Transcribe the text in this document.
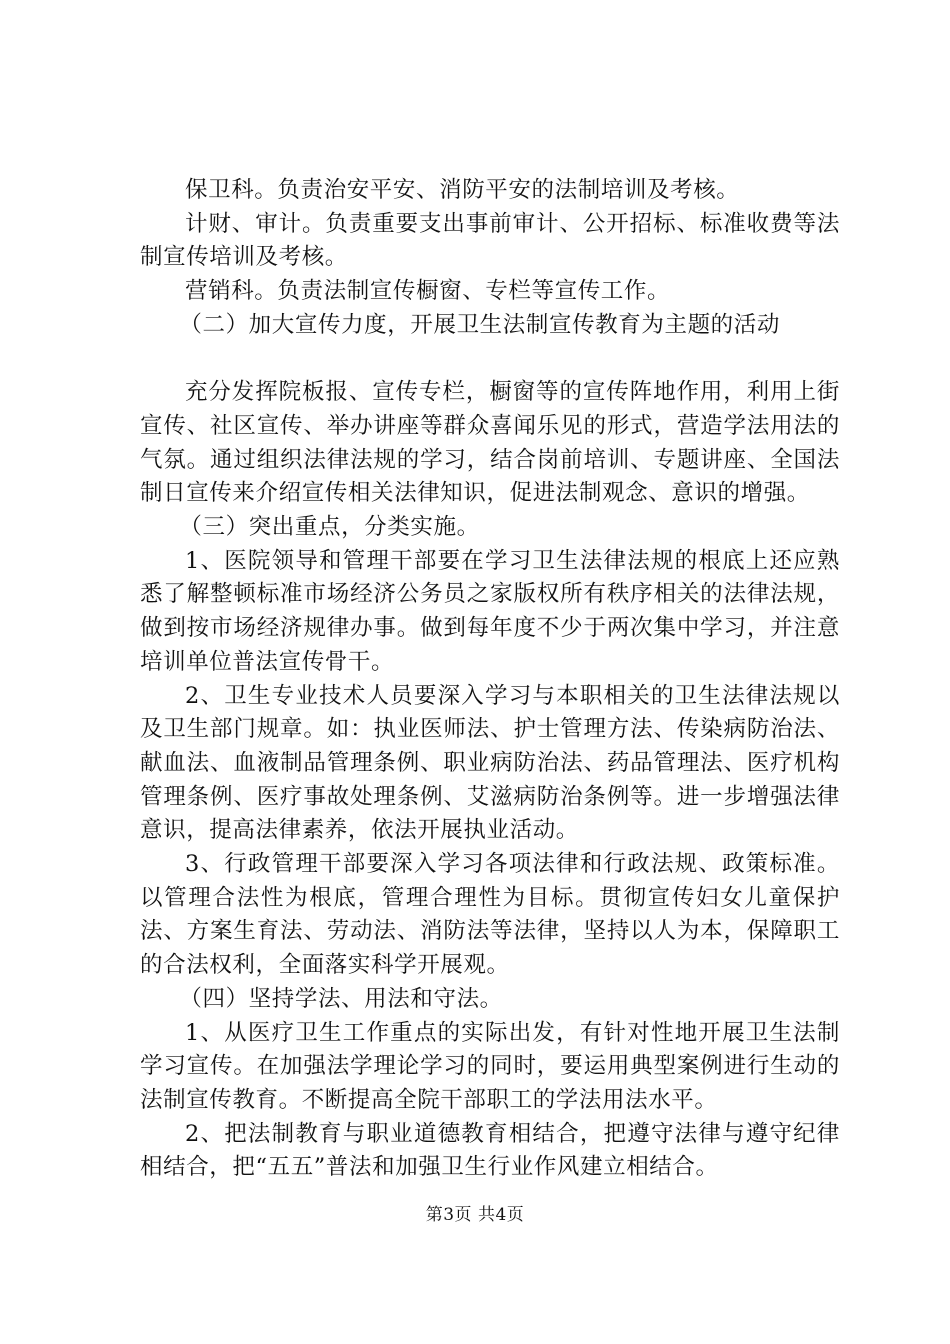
保卫科。负责治安平安、消防平安的法制培训及考核。

计财、审计。负责重要支出事前审计、公开招标、标准收费等法制宣传培训及考核。

营销科。负责法制宣传橱窗、专栏等宣传工作。

（二）加大宣传力度，开展卫生法制宣传教育为主题的活动

充分发挥院板报、宣传专栏，橱窗等的宣传阵地作用，利用上街宣传、社区宣传、举办讲座等群众喜闻乐见的形式，营造学法用法的气氛。通过组织法律法规的学习，结合岗前培训、专题讲座、全国法制日宣传来介绍宣传相关法律知识，促进法制观念、意识的增强。

（三）突出重点，分类实施。

1、医院领导和管理干部要在学习卫生法律法规的根底上还应熟悉了解整顿标准市场经济公务员之家版权所有秩序相关的法律法规，做到按市场经济规律办事。做到每年度不少于两次集中学习，并注意培训单位普法宣传骨干。

2、卫生专业技术人员要深入学习与本职相关的卫生法律法规以及卫生部门规章。如：执业医师法、护士管理方法、传染病防治法、献血法、血液制品管理条例、职业病防治法、药品管理法、医疗机构管理条例、医疗事故处理条例、艾滋病防治条例等。进一步增强法律意识，提高法律素养，依法开展执业活动。

3、行政管理干部要深入学习各项法律和行政法规、政策标准。以管理合法性为根底，管理合理性为目标。贯彻宣传妇女儿童保护法、方案生育法、劳动法、消防法等法律，坚持以人为本，保障职工的合法权利，全面落实科学开展观。

（四）坚持学法、用法和守法。

1、从医疗卫生工作重点的实际出发，有针对性地开展卫生法制学习宣传。在加强法学理论学习的同时，要运用典型案例进行生动的法制宣传教育。不断提高全院干部职工的学法用法水平。

2、把法制教育与职业道德教育相结合，把遵守法律与遵守纪律相结合，把“五五”普法和加强卫生行业作风建立相结合。

第3页 共4页
